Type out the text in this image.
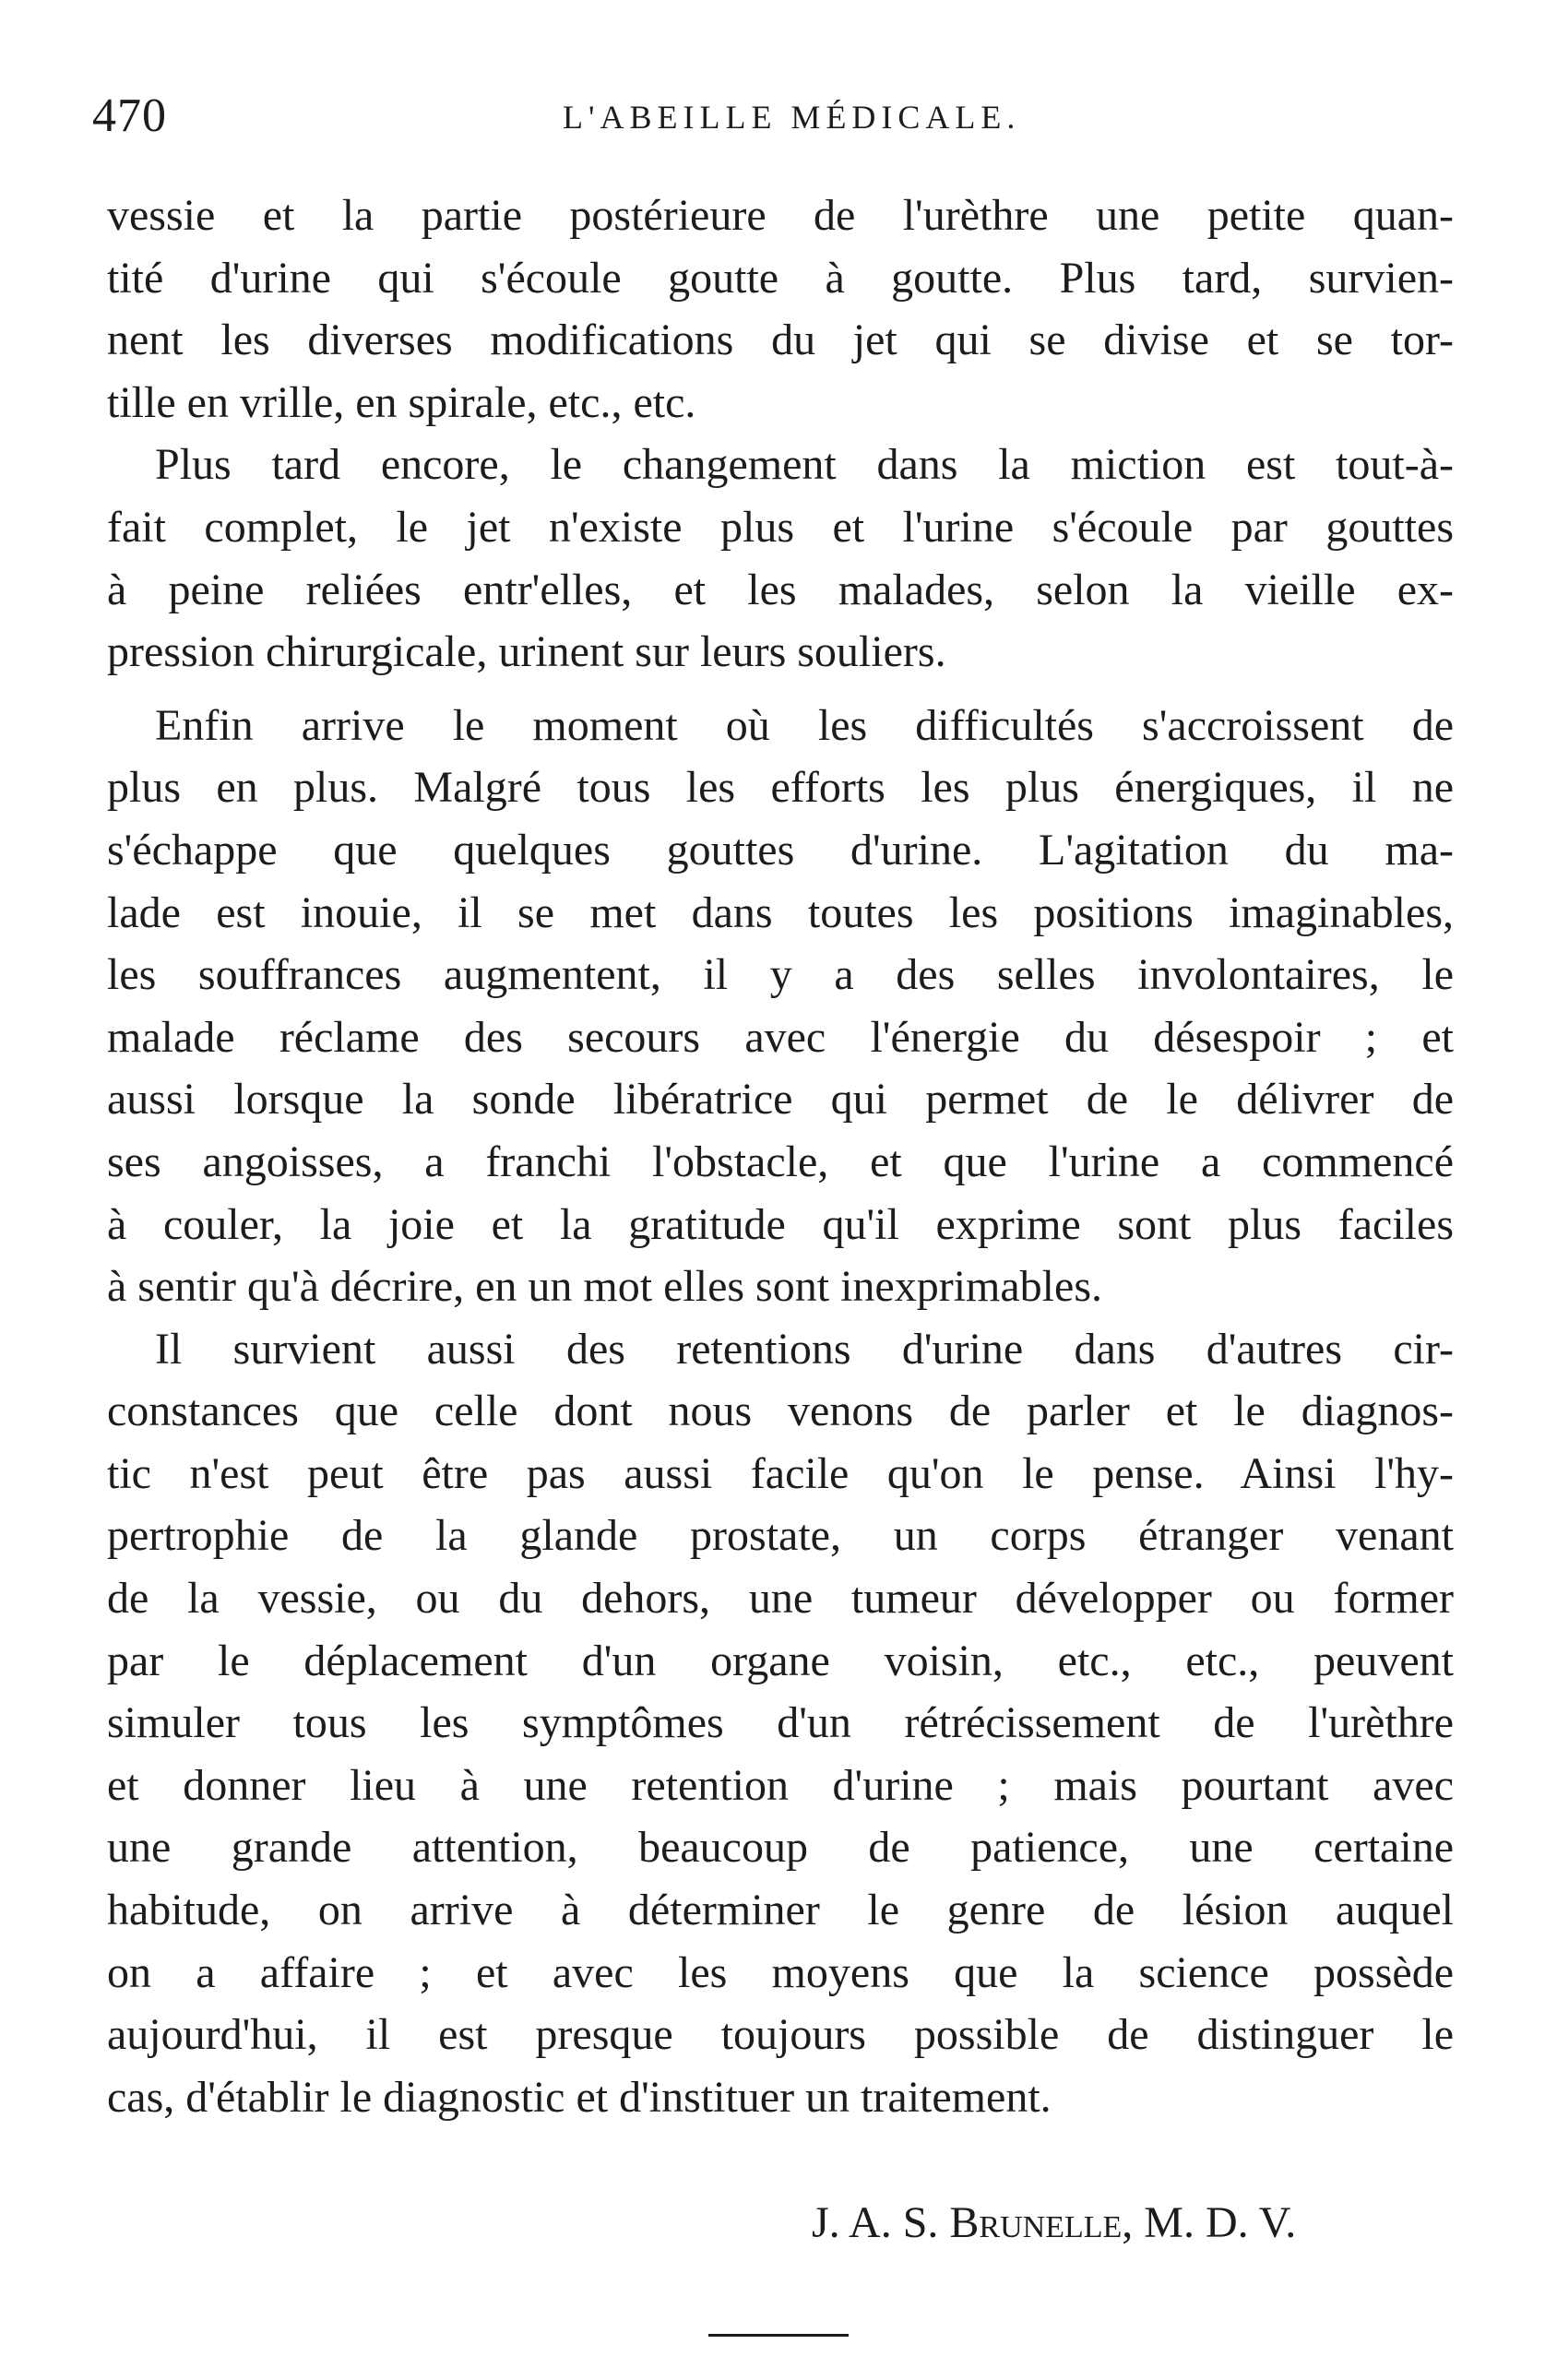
470	L'ABEILLE MÉDICALE.
vessie et la partie postérieure de l'urèthre une petite quan-
tité d'urine qui s'écoule goutte à goutte. Plus tard, survien-
nent les diverses modifications du jet qui se divise et se tor-
tille en vrille, en spirale, etc., etc.
Plus tard encore, le changement dans la miction est tout-à-
fait complet, le jet n'existe plus et l'urine s'écoule par gouttes
à peine reliées entr'elles, et les malades, selon la vieille ex-
pression chirurgicale, urinent sur leurs souliers.
Enfin arrive le moment où les difficultés s'accroissent de
plus en plus. Malgré tous les efforts les plus énergiques, il ne
s'échappe que quelques gouttes d'urine. L'agitation du ma-
lade est inouie, il se met dans toutes les positions imaginables,
les souffrances augmentent, il y a des selles involontaires, le
malade réclame des secours avec l'énergie du désespoir ; et
aussi lorsque la sonde libératrice qui permet de le délivrer de
ses angoisses, a franchi l'obstacle, et que l'urine a commencé
à couler, la joie et la gratitude qu'il exprime sont plus faciles
à sentir qu'à décrire, en un mot elles sont inexprimables.
Il survient aussi des retentions d'urine dans d'autres cir-
constances que celle dont nous venons de parler et le diagnos-
tic n'est peut être pas aussi facile qu'on le pense. Ainsi l'hy-
pertrophie de la glande prostate, un corps étranger venant
de la vessie, ou du dehors, une tumeur développer ou former
par le déplacement d'un organe voisin, etc., etc., peuvent
simuler tous les symptômes d'un rétrécissement de l'urèthre
et donner lieu à une retention d'urine ; mais pourtant avec
une grande attention, beaucoup de patience, une certaine
habitude, on arrive à déterminer le genre de lésion auquel
on a affaire ; et avec les moyens que la science possède
aujourd'hui, il est presque toujours possible de distinguer le
cas, d'établir le diagnostic et d'instituer un traitement.
J. A. S. Brunelle, M. D. V.
